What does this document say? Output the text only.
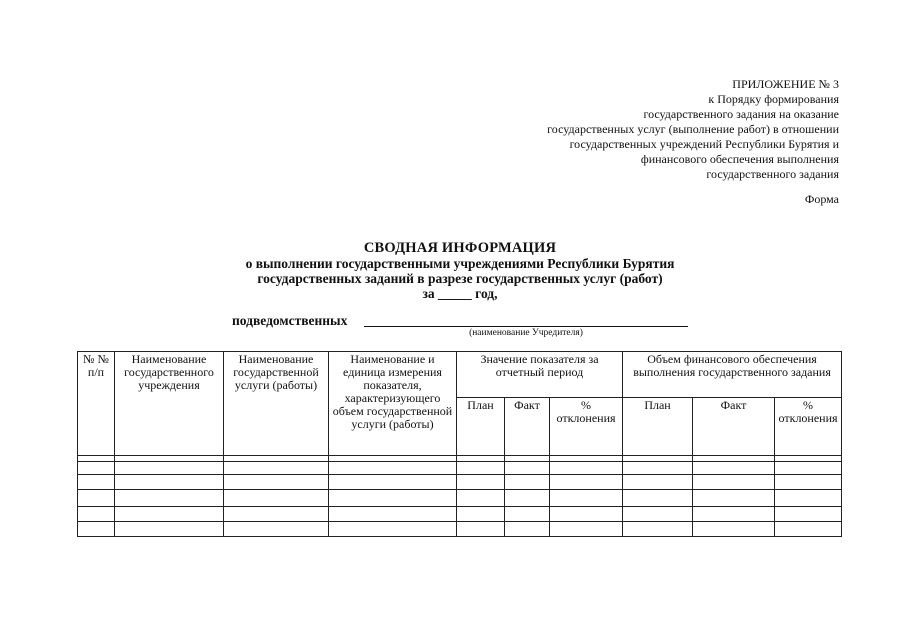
ПРИЛОЖЕНИЕ № 3
к Порядку формирования
государственного задания на оказание
государственных услуг (выполнение работ) в отношении
государственных учреждений Республики Бурятия и
финансового обеспечения выполнения
государственного задания
Форма
СВОДНАЯ ИНФОРМАЦИЯ
о выполнении государственными учреждениями Республики Бурятия
государственных заданий в разрезе государственных услуг (работ)
за _____ год,
подведомственных
(наименование Учредителя)
№ № п/п	Наименование государственного учреждения	Наименование государственной услуги (работы)	Наименование и единица измерения показателя, характеризующего объем государственной услуги (работы)	Значение показателя за отчетный период			Объем финансового обеспечения выполнения государственного задания		
				План	Факт	% отклонения	План	Факт	% отклонения
